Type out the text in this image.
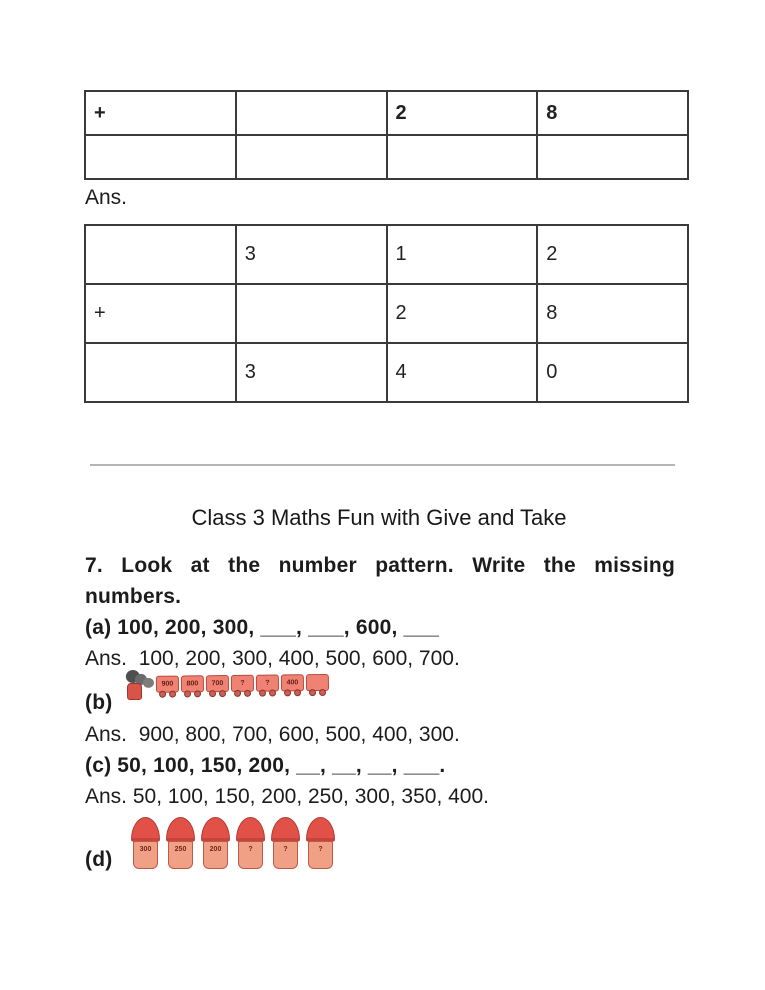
+		2	8

Ans.
	3	1	2
+		2	8
	3	4	0
Class 3 Maths Fun with Give and Take
7. Look at the number pattern. Write the missing
numbers.
(a) 100, 200, 300, ___, ___, 600, ___
Ans.  100, 200, 300, 400, 500, 600, 700.
900	800	700	?	?	400
(b)
Ans.  900, 800, 700, 600, 500, 400, 300.
(c) 50, 100, 150, 200, __, __, __, ___.
Ans. 50, 100, 150, 200, 250, 300, 350, 400.
300	250	200	?	?	?
(d)
